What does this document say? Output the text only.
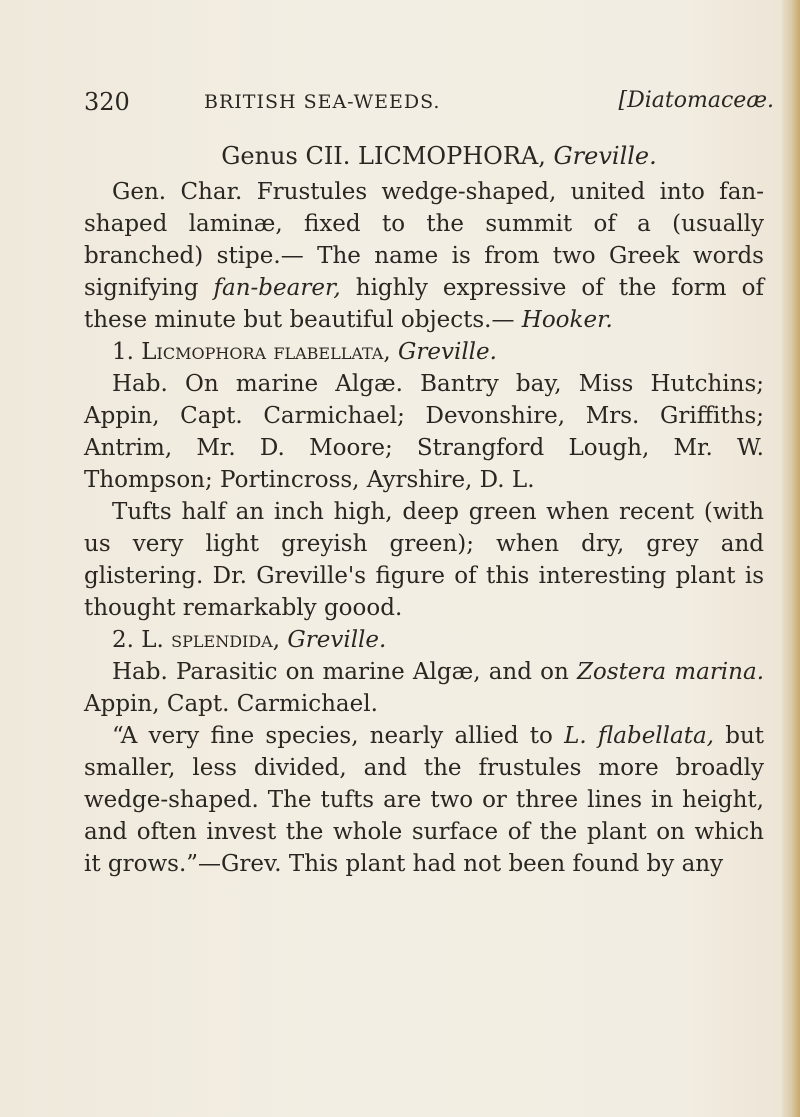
320	BRITISH SEA-WEEDS.	[Diatomaceæ.

Genus CII. LICMOPHORA, Greville.

Gen. Char. Frustules wedge-shaped, united into fan-shaped laminæ, fixed to the summit of a (usually branched) stipe.— The name is from two Greek words signifying fan-bearer, highly expressive of the form of these minute but beautiful objects.— Hooker.

1. Licmophora flabellata, Greville.

Hab. On marine Algæ. Bantry bay, Miss Hutchins; Appin, Capt. Carmichael; Devonshire, Mrs. Griffiths; Antrim, Mr. D. Moore; Strangford Lough, Mr. W. Thompson; Portincross, Ayrshire, D. L.

Tufts half an inch high, deep green when recent (with us very light greyish green); when dry, grey and glistering. Dr. Greville's figure of this interesting plant is thought remarkably goood.

2. L. splendida, Greville.

Hab. Parasitic on marine Algæ, and on Zostera marina. Appin, Capt. Carmichael.

“A very fine species, nearly allied to L. flabellata, but smaller, less divided, and the frustules more broadly wedge-shaped. The tufts are two or three lines in height, and often invest the whole surface of the plant on which it grows.”—Grev. This plant had not been found by any
